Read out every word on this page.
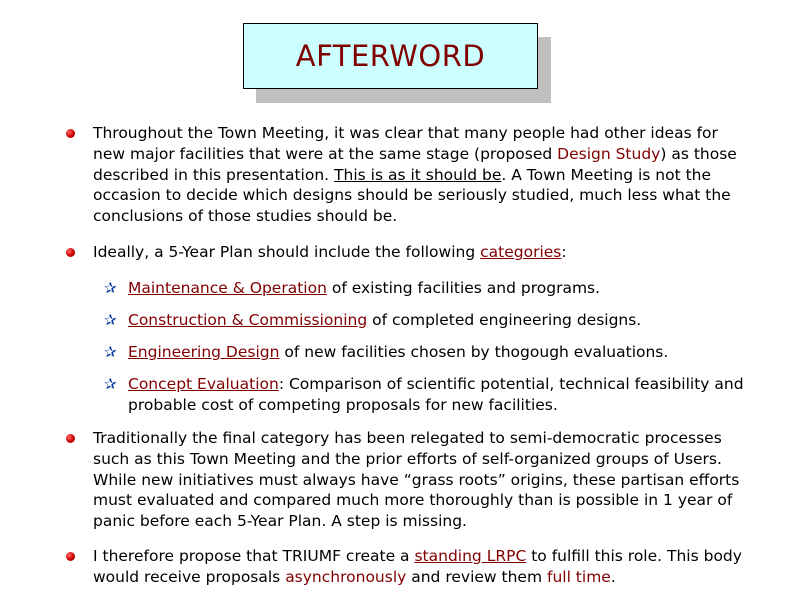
AFTERWORD
Throughout the Town Meeting, it was clear that many people had other ideas for new major facilities that were at the same stage (proposed Design Study) as those described in this presentation. This is as it should be. A Town Meeting is not the occasion to decide which designs should be seriously studied, much less what the conclusions of those studies should be.
Ideally, a 5-Year Plan should include the following categories:
✰ Maintenance & Operation of existing facilities and programs.
✰ Construction & Commissioning of completed engineering designs.
✰ Engineering Design of new facilities chosen by thogough evaluations.
✰ Concept Evaluation: Comparison of scientific potential, technical feasibility and probable cost of competing proposals for new facilities.
Traditionally the final category has been relegated to semi-democratic processes such as this Town Meeting and the prior efforts of self-organized groups of Users. While new initiatives must always have “grass roots” origins, these partisan efforts must evaluated and compared much more thoroughly than is possible in 1 year of panic before each 5-Year Plan. A step is missing.
I therefore propose that TRIUMF create a standing LRPC to fulfill this role. This body would receive proposals asynchronously and review them full time.
